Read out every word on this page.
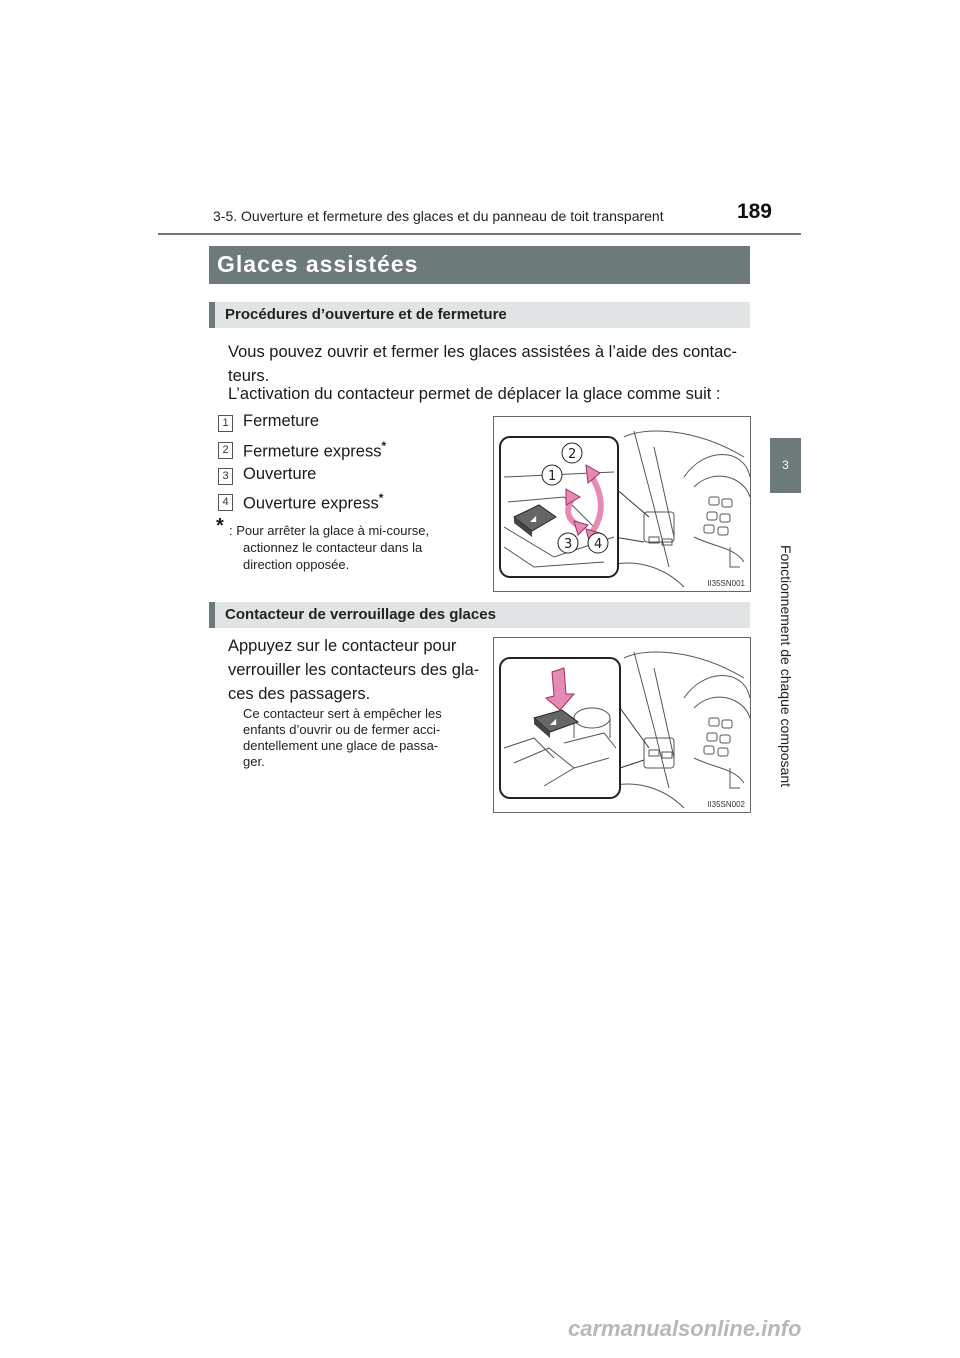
3-5. Ouverture et fermeture des glaces et du panneau de toit transparent	189
3
Fonctionnement de chaque composant
Glaces assistées
Procédures d’ouverture et de fermeture
Vous pouvez ouvrir et fermer les glaces assistées à l’aide des contac-
teurs.
L’activation du contacteur permet de déplacer la glace comme suit :
1 Fermeture
2 Fermeture express*
3 Ouverture
4 Ouverture express*
* : Pour arrêter la glace à mi-course,
actionnez le contacteur dans la
direction opposée.
◢
1
2
3 4
II35SN001
Contacteur de verrouillage des glaces
Appuyez sur le contacteur pour
verrouiller les contacteurs des gla-
ces des passagers.
Ce contacteur sert à empêcher les
enfants d’ouvrir ou de fermer acci-
dentellement une glace de passa-
ger.
◢
II35SN002
carmanualsonline.info
